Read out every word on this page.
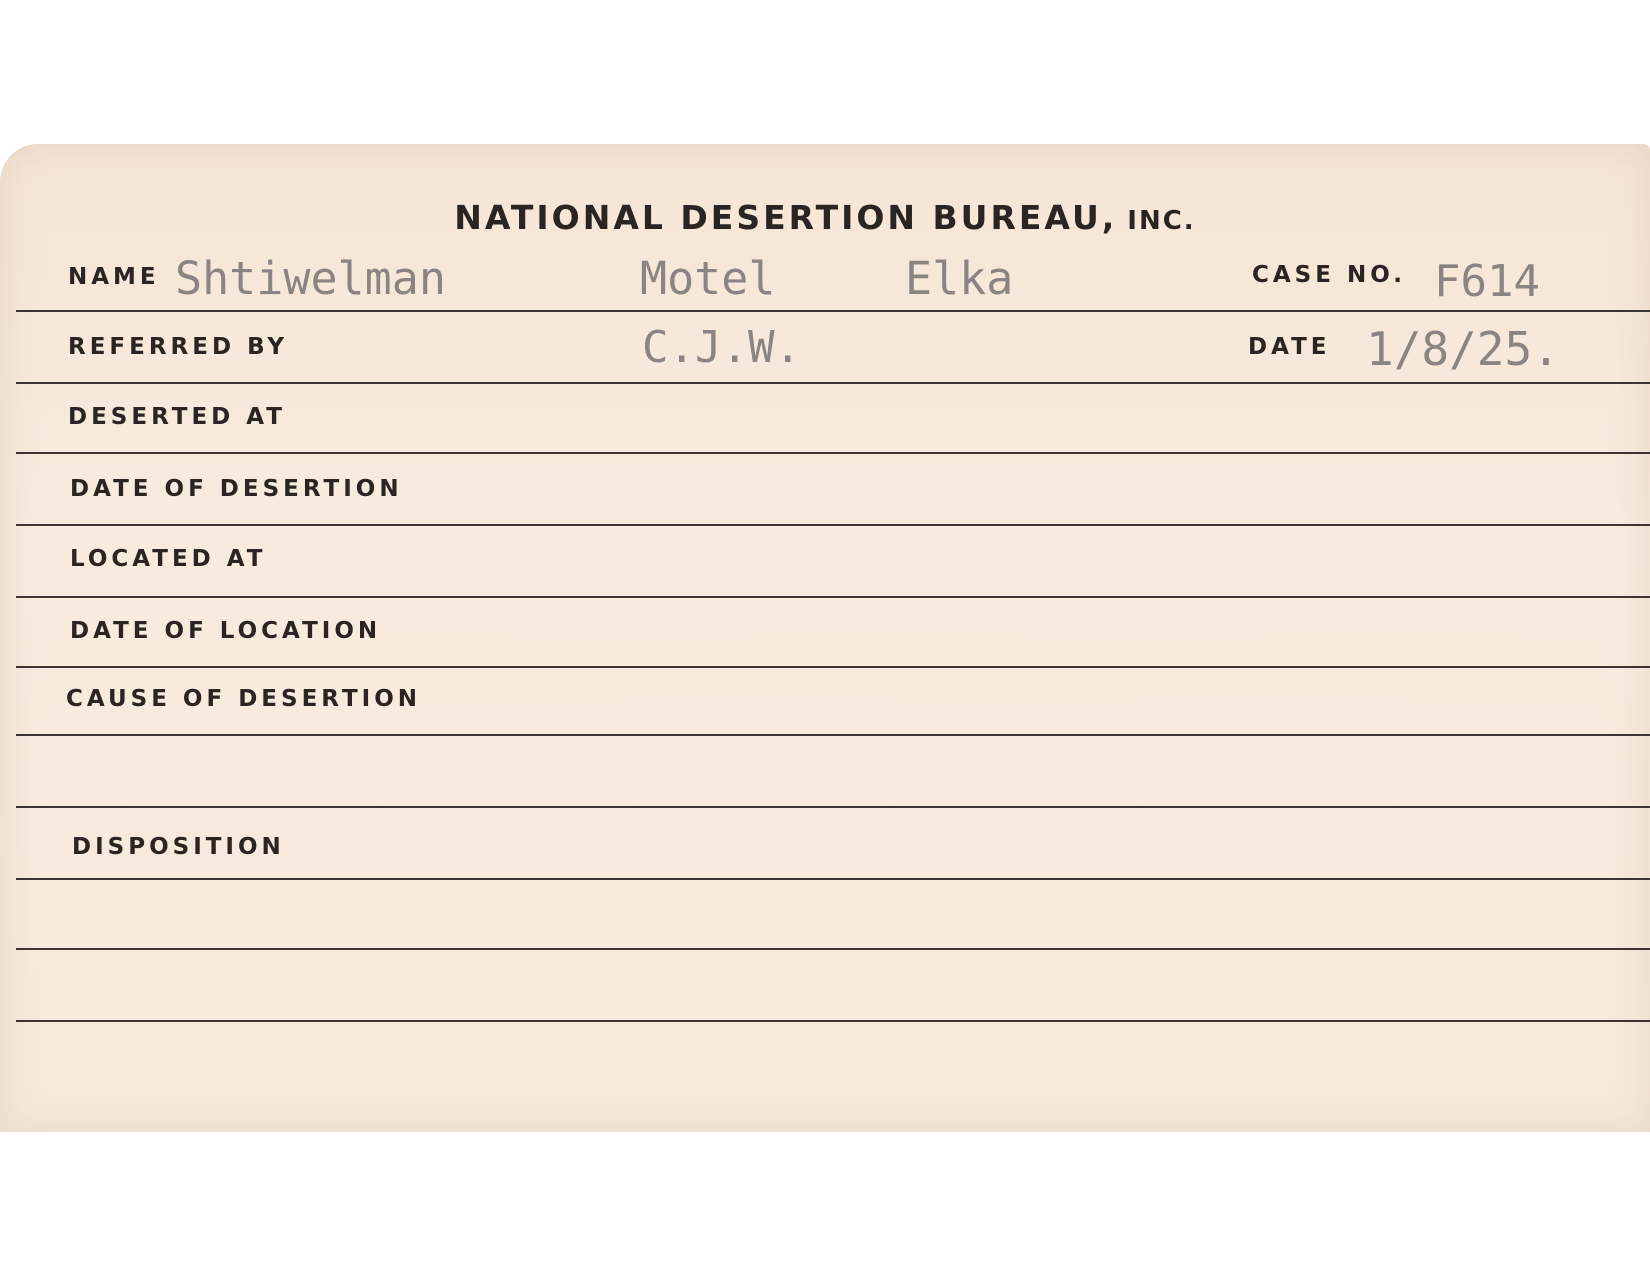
NATIONAL DESERTION BUREAU, INC.
NAME Shtiwelman	Motel	Elka	CASE NO. F614
REFERRED BY	C.J.W.	DATE 1/8/25.
DESERTED AT
DATE OF DESERTION
LOCATED AT
DATE OF LOCATION
CAUSE OF DESERTION
DISPOSITION
